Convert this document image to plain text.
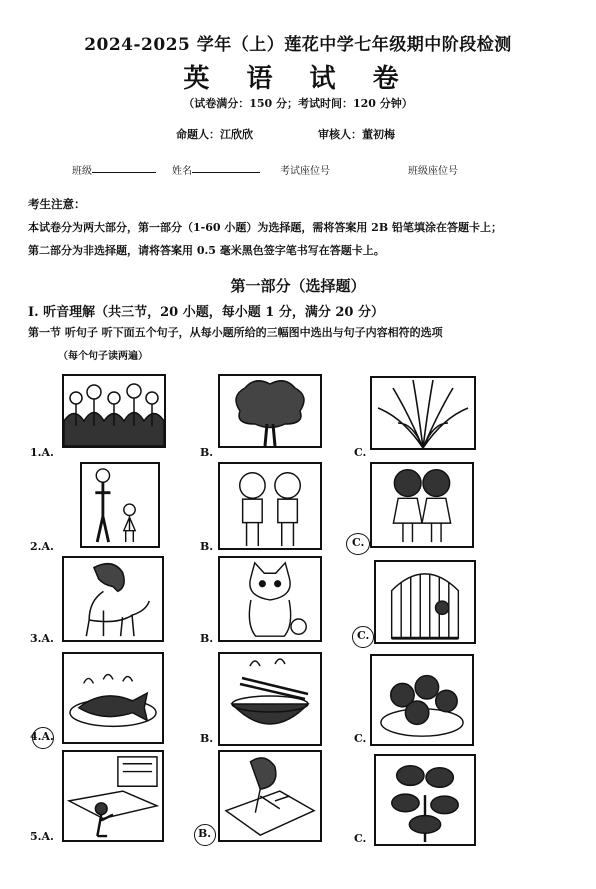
2024-2025 学年（上）莲花中学七年级期中阶段检测
英 语 试 卷
（试卷满分：150 分；考试时间：120 分钟）
命题人：江欣欣	审核人：董初梅
班级	姓名	考试座位号	班级座位号
考生注意：
本试卷分为两大部分，第一部分（1-60 小题）为选择题，需将答案用 2B 铅笔填涂在答题卡上；
第二部分为非选择题，请将答案用 0.5 毫米黑色签字笔书写在答题卡上。
第一部分（选择题）
I. 听音理解（共三节，20 小题，每小题 1 分，满分 20 分）
第一节 听句子 听下面五个句子，从每小题所给的三幅图中选出与句子内容相符的选项
（每个句子读两遍）
1.A.	B.	C.
2.A.	B.	C.
3.A.	B.	C.
4.A.	B.	C.
5.A.	B.	C.
